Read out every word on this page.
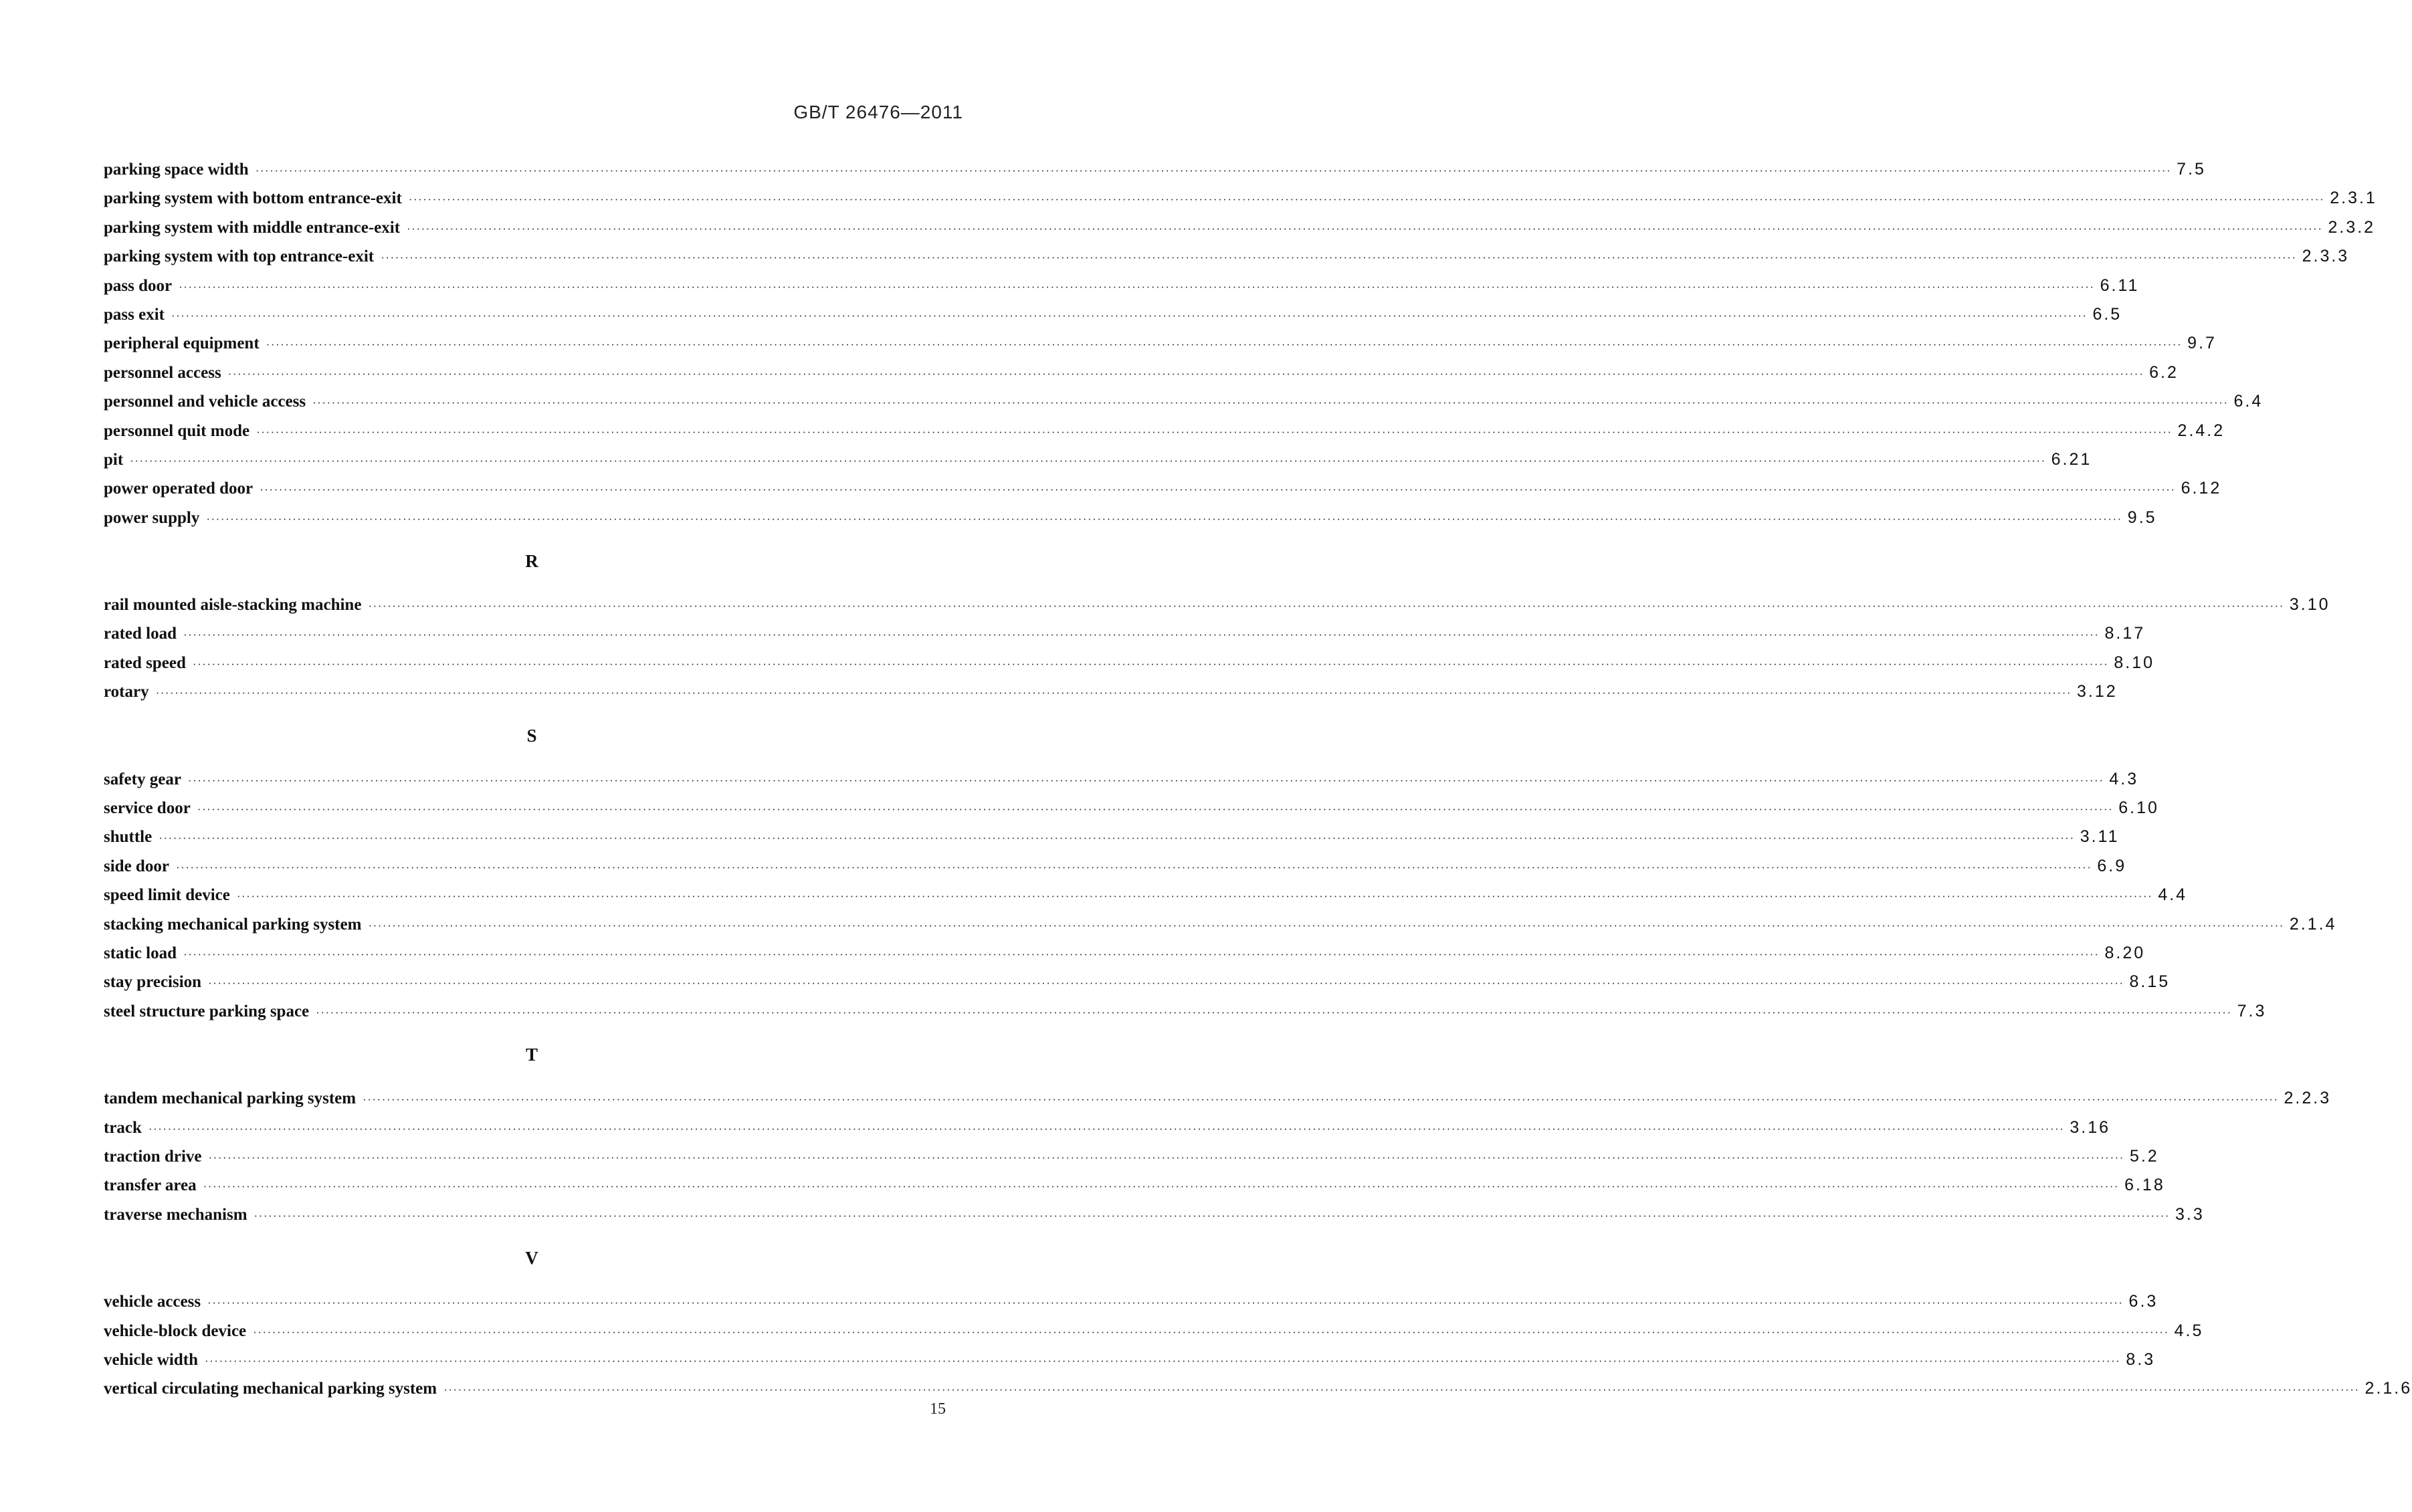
GB/T 26476—2011
parking space width ················································································································································································································································································································································································································ 7.5
parking system with bottom entrance-exit ················································································································································································································································································································································································································ 2.3.1
parking system with middle entrance-exit ················································································································································································································································································································································································································ 2.3.2
parking system with top entrance-exit ················································································································································································································································································································································································································ 2.3.3
pass door ················································································································································································································································································································································································································ 6.11
pass exit ················································································································································································································································································································································································································ 6.5
peripheral equipment ················································································································································································································································································································································································································ 9.7
personnel access ················································································································································································································································································································································································································ 6.2
personnel and vehicle access ················································································································································································································································································································································································································ 6.4
personnel quit mode ················································································································································································································································································································································································································ 2.4.2
pit ················································································································································································································································································································································································································ 6.21
power operated door ················································································································································································································································································································································································································ 6.12
power supply ················································································································································································································································································································································································································ 9.5
R
rail mounted aisle-stacking machine ················································································································································································································································································································································································································ 3.10
rated load ················································································································································································································································································································································································································ 8.17
rated speed ················································································································································································································································································································································································································ 8.10
rotary ················································································································································································································································································································································································································ 3.12
S
safety gear ················································································································································································································································································································································································································ 4.3
service door ················································································································································································································································································································································································································ 6.10
shuttle ················································································································································································································································································································································································································ 3.11
side door ················································································································································································································································································································································································································ 6.9
speed limit device ················································································································································································································································································································································································································ 4.4
stacking mechanical parking system ················································································································································································································································································································································································································ 2.1.4
static load ················································································································································································································································································································································································································ 8.20
stay precision ················································································································································································································································································································································································································ 8.15
steel structure parking space ················································································································································································································································································································································································································ 7.3
T
tandem mechanical parking system ················································································································································································································································································································································································································ 2.2.3
track ················································································································································································································································································································································································································ 3.16
traction drive ················································································································································································································································································································································································································ 5.2
transfer area ················································································································································································································································································································································································································ 6.18
traverse mechanism ················································································································································································································································································································································································································ 3.3
V
vehicle access ················································································································································································································································································································································································································ 6.3
vehicle-block device ················································································································································································································································································································································································································ 4.5
vehicle width ················································································································································································································································································································································································································ 8.3
vertical circulating mechanical parking system ················································································································································································································································································································································································································ 2.1.6
15
